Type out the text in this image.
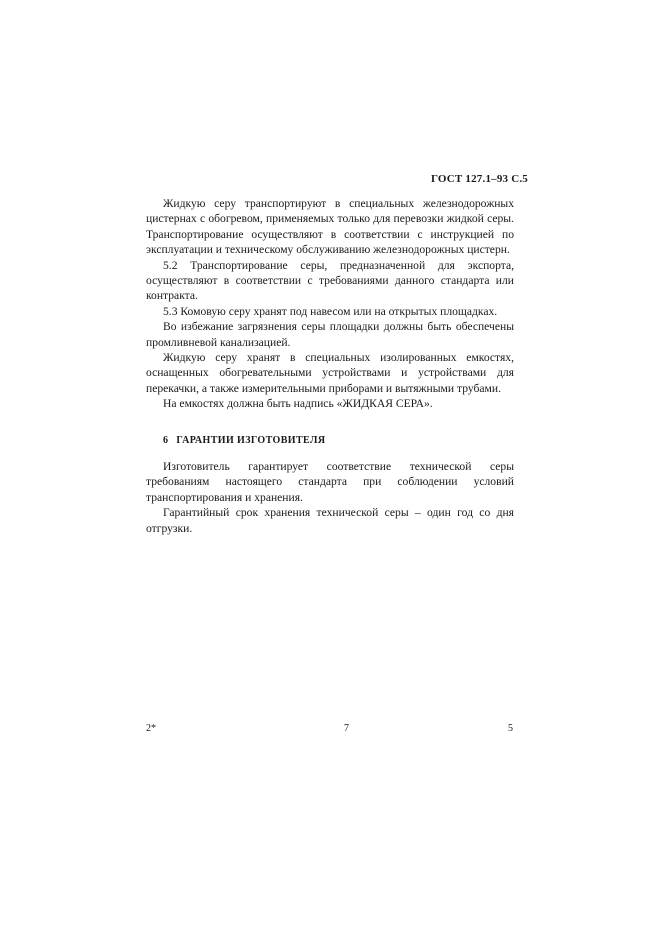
ГОСТ 127.1–93 С.5

Жидкую серу транспортируют в специальных железнодорожных цистернах с обогревом, применяемых только для перевозки жидкой серы. Транспортирование осуществляют в соответствии с инструкцией по эксплуатации и техническому обслуживанию железнодорожных цистерн.

5.2 Транспортирование серы, предназначенной для экспорта, осуществляют в соответствии с требованиями данного стандарта или контракта.

5.3 Комовую серу хранят под навесом или на открытых площадках.

Во избежание загрязнения серы площадки должны быть обеспечены промливневой канализацией.

Жидкую серу хранят в специальных изолированных емкостях, оснащенных обогревательными устройствами и устройствами для перекачки, а также измерительными приборами и вытяжными трубами.

На емкостях должна быть надпись «ЖИДКАЯ СЕРА».

6 ГАРАНТИИ ИЗГОТОВИТЕЛЯ

Изготовитель гарантирует соответствие технической серы требованиям настоящего стандарта при соблюдении условий транспортирования и хранения.

Гарантийный срок хранения технической серы – один год со дня отгрузки.

2*	7	5
